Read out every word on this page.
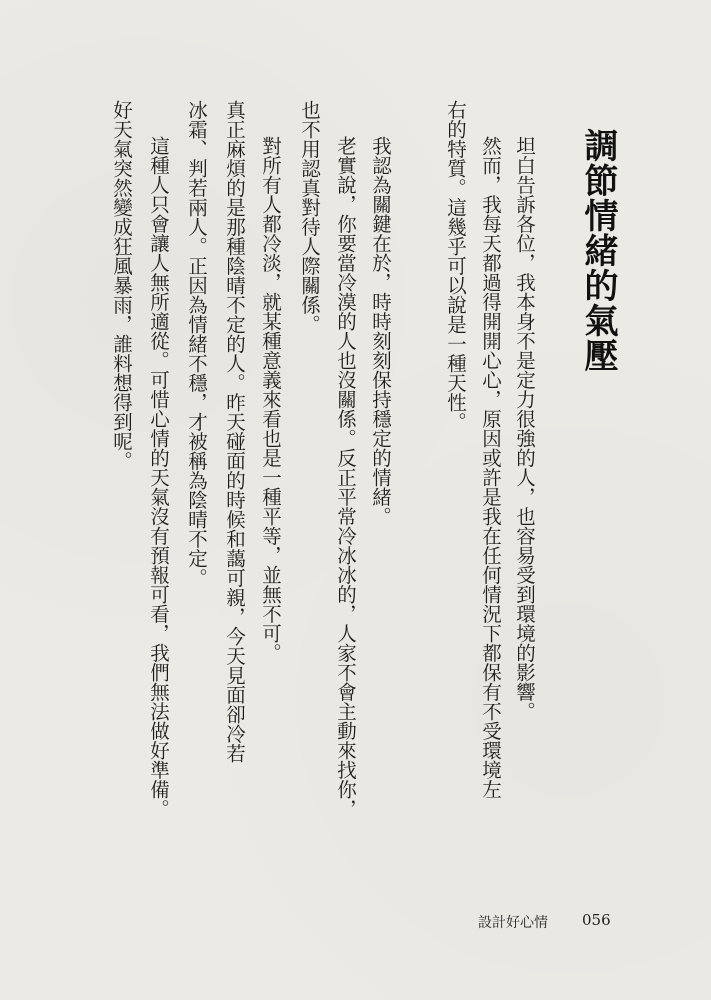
調節情緒的氣壓
坦白告訴各位，我本身不是定力很強的人，也容易受到環境的影響。
然而，我每天都過得開開心心，原因或許是我在任何情況下都保有不受環境左
右的特質。這幾乎可以說是一種天性。
我認為關鍵在於，時時刻刻保持穩定的情緒。
老實說，你要當冷漠的人也沒關係。反正平常冷冰冰的，人家不會主動來找你，
也不用認真對待人際關係。
對所有人都冷淡，就某種意義來看也是一種平等，並無不可。
真正麻煩的是那種陰晴不定的人。昨天碰面的時候和藹可親，今天見面卻冷若
冰霜、判若兩人。正因為情緒不穩，才被稱為陰晴不定。
這種人只會讓人無所適從。可惜心情的天氣沒有預報可看，我們無法做好準備。
好天氣突然變成狂風暴雨，誰料想得到呢。
設計好心情 056
